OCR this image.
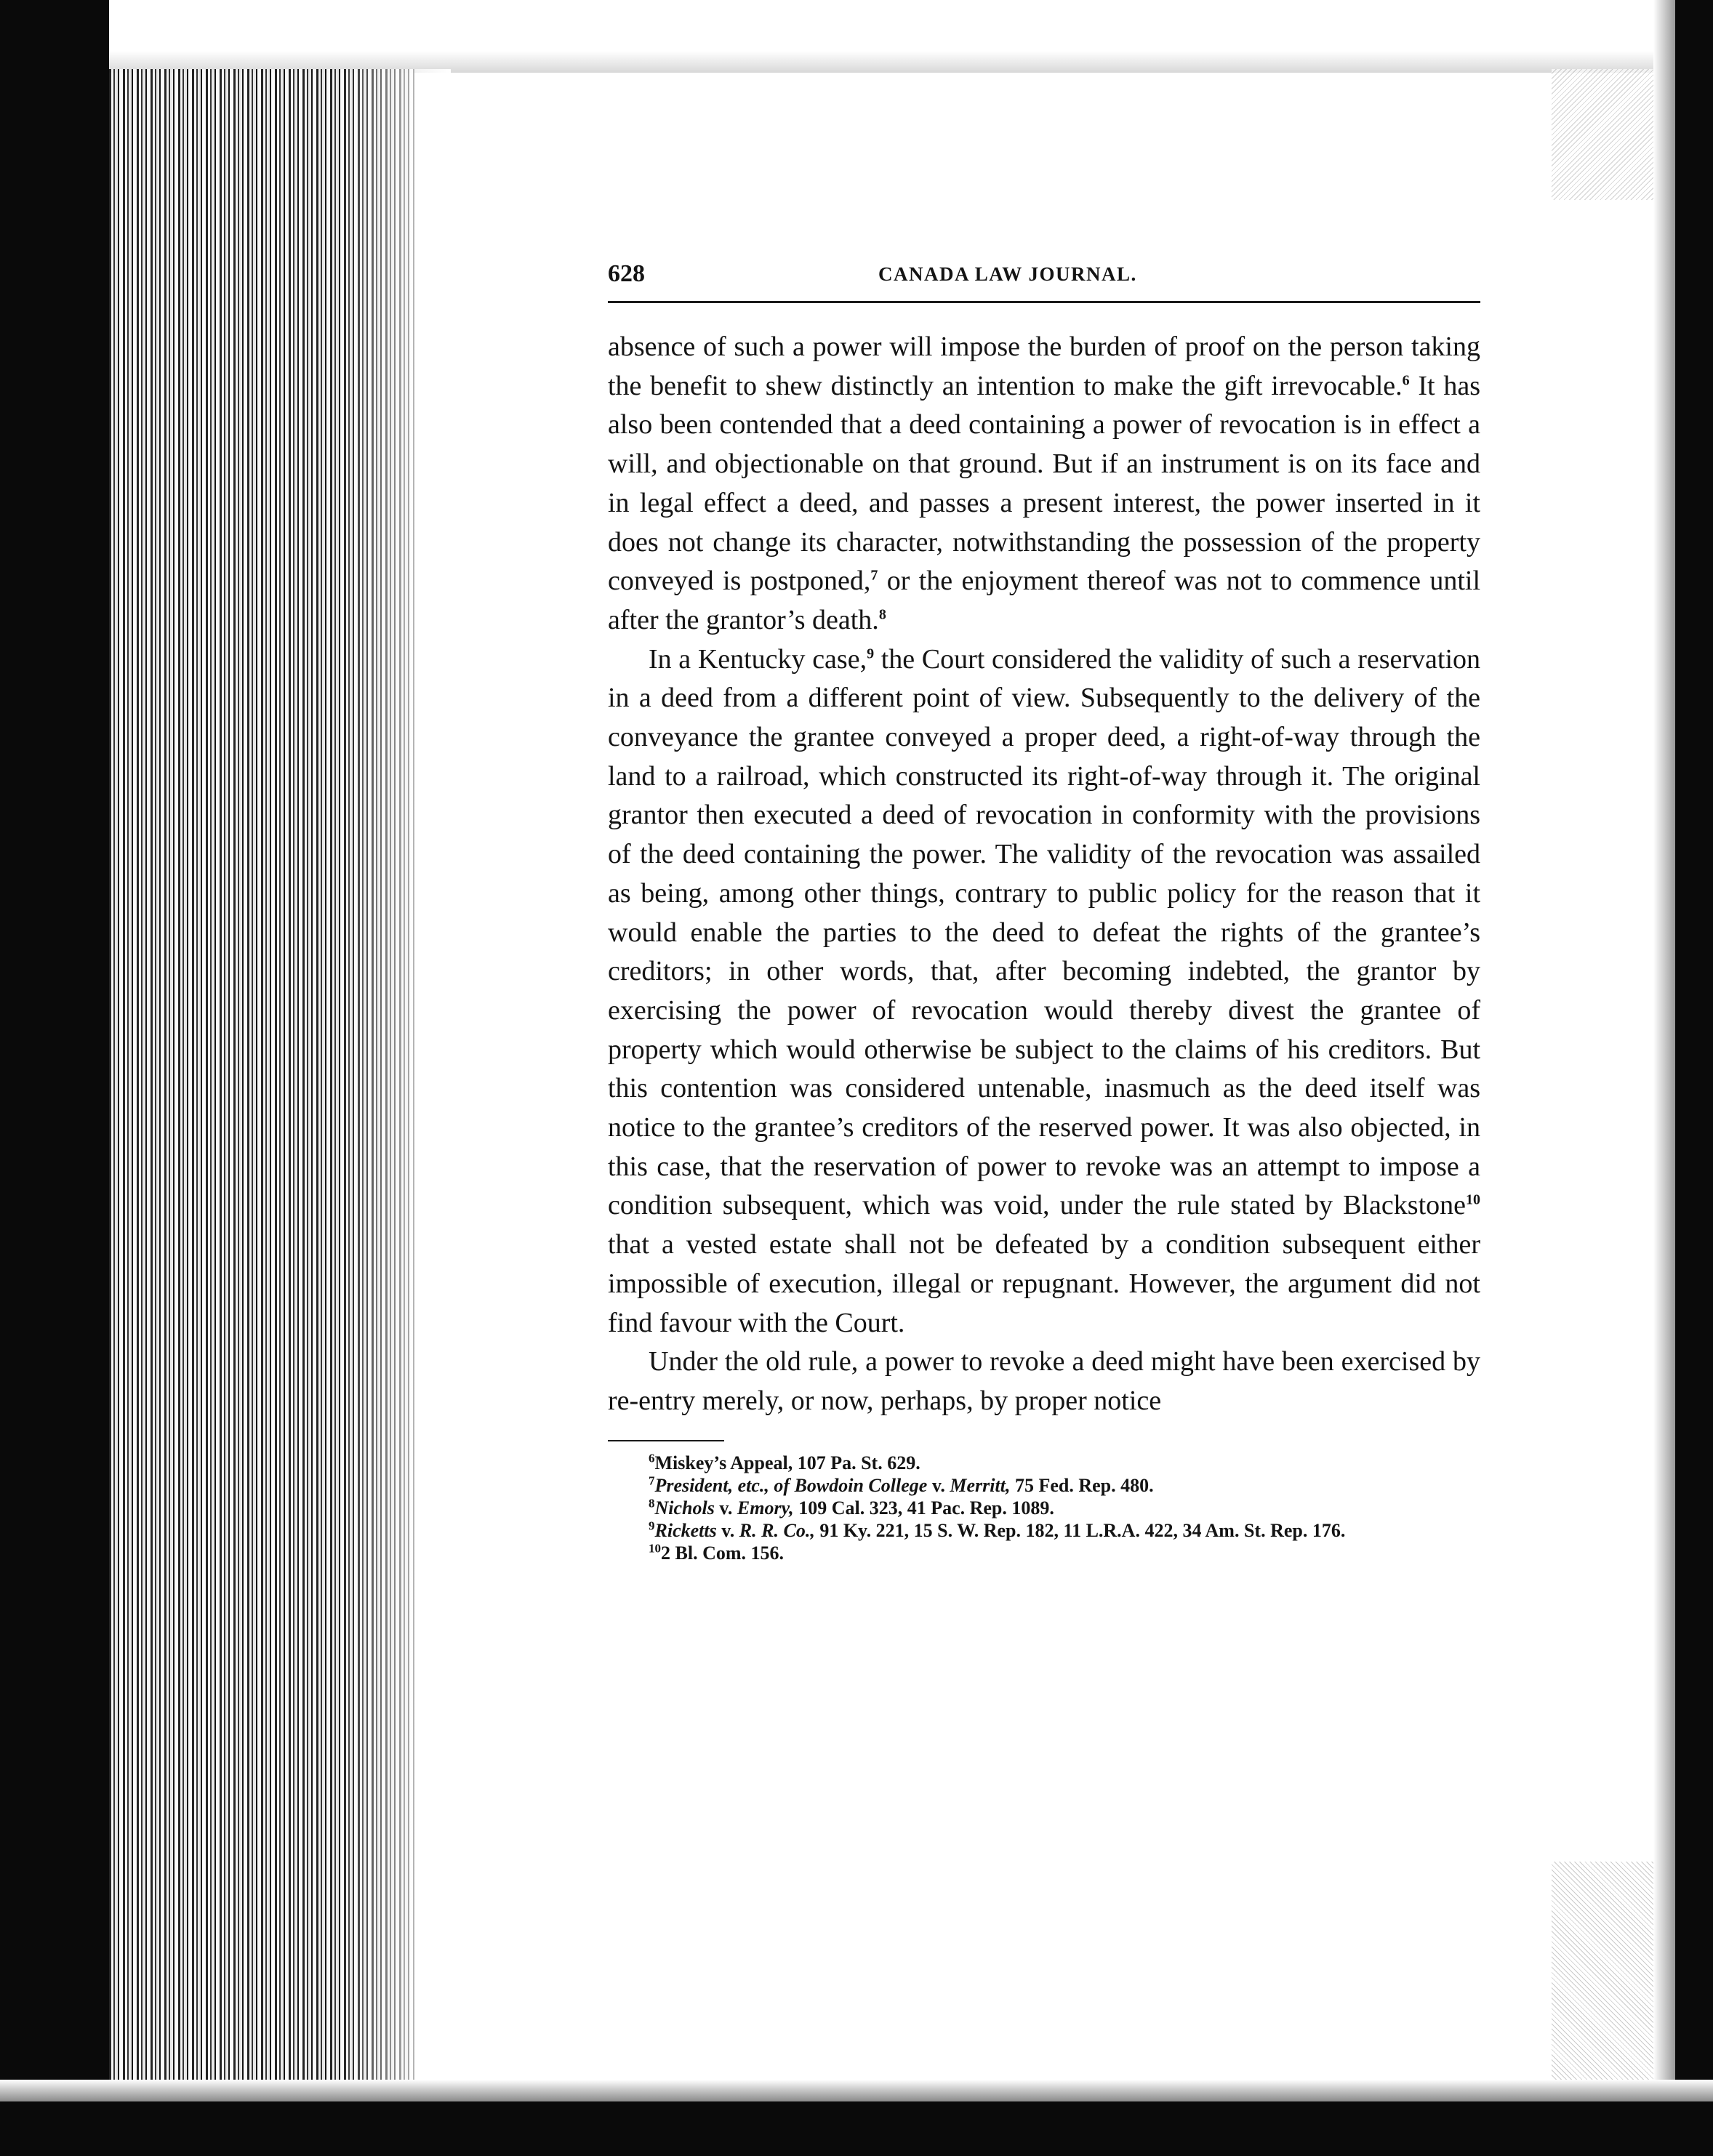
628	CANADA LAW JOURNAL.

absence of such a power will impose the burden of proof on the person taking the benefit to shew distinctly an intention to make the gift irrevocable.$^6$ It has also been contended that a deed containing a power of revocation is in effect a will, and objectionable on that ground. But if an instrument is on its face and in legal effect a deed, and passes a present interest, the power inserted in it does not change its character, notwithstanding the possession of the property conveyed is postponed,$^7$ or the enjoyment thereof was not to commence until after the grantor’s death.$^8$

In a Kentucky case,$^9$ the Court considered the validity of such a reservation in a deed from a different point of view. Subsequently to the delivery of the conveyance the grantee conveyed a proper deed, a right-of-way through the land to a railroad, which constructed its right-of-way through it. The original grantor then executed a deed of revocation in conformity with the provisions of the deed containing the power. The validity of the revocation was assailed as being, among other things, contrary to public policy for the reason that it would enable the parties to the deed to defeat the rights of the grantee’s creditors; in other words, that, after becoming indebted, the grantor by exercising the power of revocation would thereby divest the grantee of property which would otherwise be subject to the claims of his creditors. But this contention was considered untenable, inasmuch as the deed itself was notice to the grantee’s creditors of the reserved power. It was also objected, in this case, that the reservation of power to revoke was an attempt to impose a condition subsequent, which was void, under the rule stated by Blackstone$^{10}$ that a vested estate shall not be defeated by a condition subsequent either impossible of execution, illegal or repugnant. However, the argument did not find favour with the Court.

Under the old rule, a power to revoke a deed might have been exercised by re-entry merely, or now, perhaps, by proper notice

$^6$Miskey’s Appeal, 107 Pa. St. 629.
$^7$President, etc., of Bowdoin College v. Merritt, 75 Fed. Rep. 480.
$^8$Nichols v. Emory, 109 Cal. 323, 41 Pac. Rep. 1089.
$^9$Ricketts v. R. R. Co., 91 Ky. 221, 15 S. W. Rep. 182, 11 L.R.A. 422, 34 Am. St. Rep. 176.
$^{10}$2 Bl. Com. 156.
